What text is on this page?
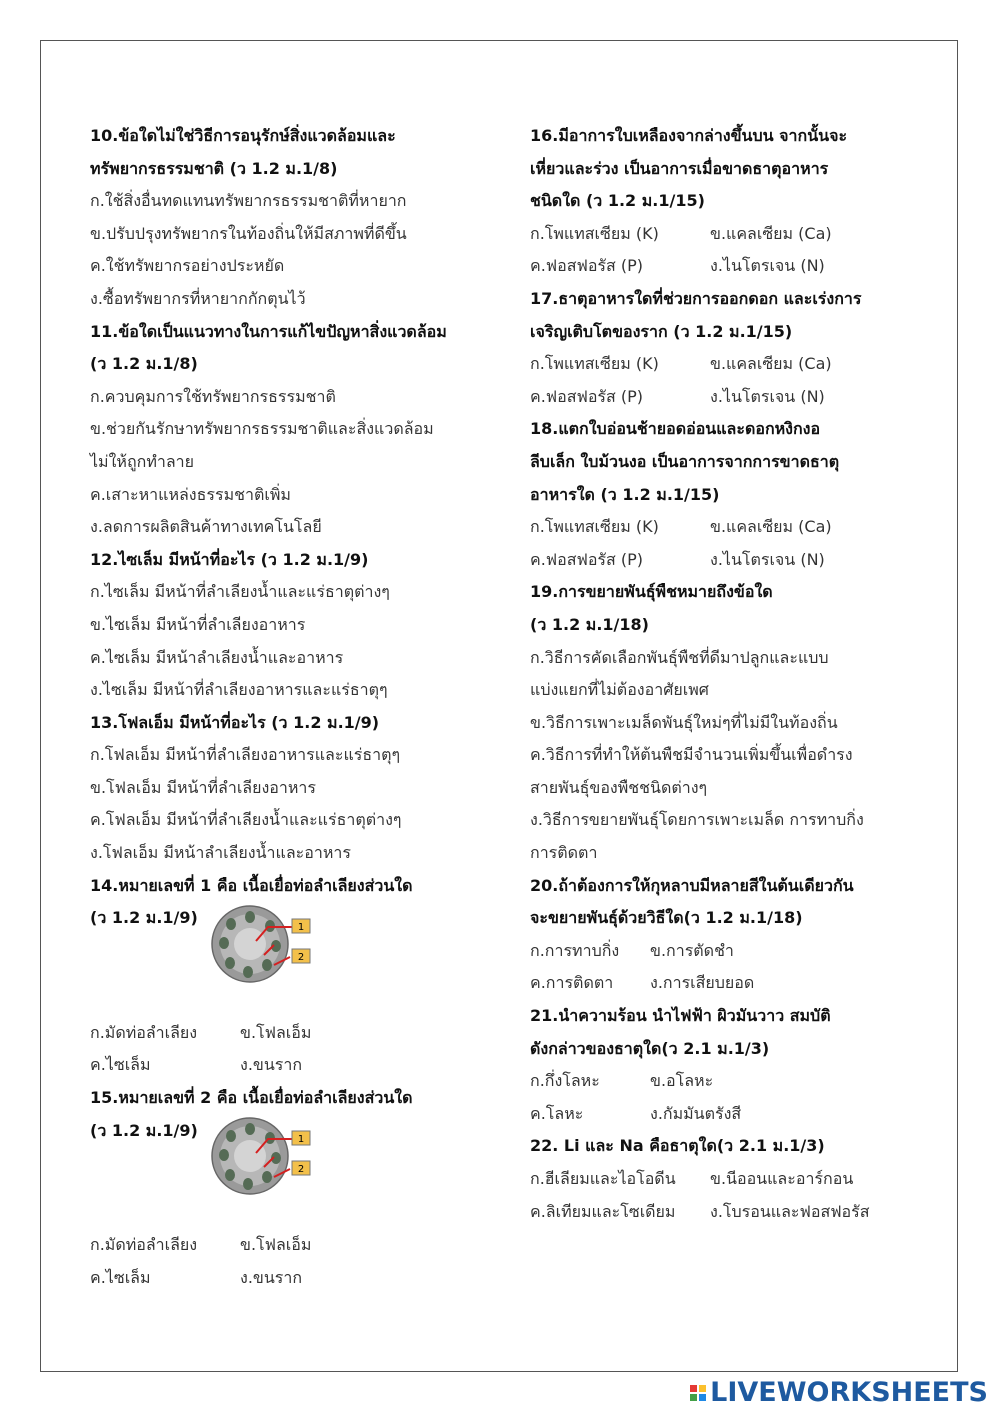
10.ข้อใดไม่ใช่วิธีการอนุรักษ์สิ่งแวดล้อมและ
ทรัพยากรธรรมชาติ (ว 1.2 ม.1/8)
ก.ใช้สิ่งอื่นทดแทนทรัพยากรธรรมชาติที่หายาก
ข.ปรับปรุงทรัพยากรในท้องถิ่นให้มีสภาพที่ดีขึ้น
ค.ใช้ทรัพยากรอย่างประหยัด
ง.ซื้อทรัพยากรที่หายากกักตุนไว้
11.ข้อใดเป็นแนวทางในการแก้ไขปัญหาสิ่งแวดล้อม
(ว 1.2 ม.1/8)
ก.ควบคุมการใช้ทรัพยากรธรรมชาติ
ข.ช่วยกันรักษาทรัพยากรธรรมชาติและสิ่งแวดล้อม
ไม่ให้ถูกทำลาย
ค.เสาะหาแหล่งธรรมชาติเพิ่ม
ง.ลดการผลิตสินค้าทางเทคโนโลยี
12.ไซเล็ม มีหน้าที่อะไร (ว 1.2 ม.1/9)
ก.ไซเล็ม มีหน้าที่ลำเลียงน้ำและแร่ธาตุต่างๆ
ข.ไซเล็ม มีหน้าที่ลำเลียงอาหาร
ค.ไซเล็ม มีหน้าลำเลียงน้ำและอาหาร
ง.ไซเล็ม มีหน้าที่ลำเลียงอาหารและแร่ธาตุๆ
13.โฟลเอ็ม มีหน้าที่อะไร (ว 1.2 ม.1/9)
ก.โฟลเอ็ม มีหน้าที่ลำเลียงอาหารและแร่ธาตุๆ
ข.โฟลเอ็ม มีหน้าที่ลำเลียงอาหาร
ค.โฟลเอ็ม มีหน้าที่ลำเลียงน้ำและแร่ธาตุต่างๆ
ง.โฟลเอ็ม มีหน้าลำเลียงน้ำและอาหาร
14.หมายเลขที่ 1 คือ เนื้อเยื่อท่อลำเลียงส่วนใด
(ว 1.2 ม.1/9)
1
2
ก.มัดท่อลำเลียง	ข.โฟลเอ็ม
ค.ไซเล็ม	ง.ขนราก
15.หมายเลขที่ 2 คือ เนื้อเยื่อท่อลำเลียงส่วนใด
(ว 1.2 ม.1/9)
1
2
ก.มัดท่อลำเลียง	ข.โฟลเอ็ม
ค.ไซเล็ม	ง.ขนราก
16.มีอาการใบเหลืองจากล่างขึ้นบน จากนั้นจะ
เหี่ยวและร่วง เป็นอาการเมื่อขาดธาตุอาหาร
ชนิดใด (ว 1.2 ม.1/15)
ก.โพแทสเซียม (K)	ข.แคลเซียม (Ca)
ค.ฟอสฟอรัส (P)	ง.ไนโตรเจน (N)
17.ธาตุอาหารใดที่ช่วยการออกดอก และเร่งการ
เจริญเติบโตของราก (ว 1.2 ม.1/15)
ก.โพแทสเซียม (K)	ข.แคลเซียม (Ca)
ค.ฟอสฟอรัส (P)	ง.ไนโตรเจน (N)
18.แตกใบอ่อนช้ายอดอ่อนและดอกหงิกงอ
ลีบเล็ก ใบม้วนงอ เป็นอาการจากการขาดธาตุ
อาหารใด (ว 1.2 ม.1/15)
ก.โพแทสเซียม (K)	ข.แคลเซียม (Ca)
ค.ฟอสฟอรัส (P)	ง.ไนโตรเจน (N)
19.การขยายพันธุ์พืชหมายถึงข้อใด
(ว 1.2 ม.1/18)
ก.วิธีการคัดเลือกพันธุ์พืชที่ดีมาปลูกและแบบ
แบ่งแยกที่ไม่ต้องอาศัยเพศ
ข.วิธีการเพาะเมล็ดพันธุ์ใหม่ๆที่ไม่มีในท้องถิ่น
ค.วิธีการที่ทำให้ต้นพืชมีจำนวนเพิ่มขึ้นเพื่อดำรง
สายพันธุ์ของพืชชนิดต่างๆ
ง.วิธีการขยายพันธุ์โดยการเพาะเมล็ด การทาบกิ่ง
การติดตา
20.ถ้าต้องการให้กุหลาบมีหลายสีในต้นเดียวกัน
จะขยายพันธุ์ด้วยวิธีใด(ว 1.2 ม.1/18)
ก.การทาบกิ่ง	ข.การตัดชำ
ค.การติดตา	ง.การเสียบยอด
21.นำความร้อน นำไฟฟ้า ผิวมันวาว สมบัติ
ดังกล่าวของธาตุใด(ว 2.1 ม.1/3)
ก.กึ่งโลหะ	ข.อโลหะ
ค.โลหะ	ง.กัมมันตรังสี
22. Li และ Na คือธาตุใด(ว 2.1 ม.1/3)
ก.ฮีเลียมและไอโอดีน	ข.นีออนและอาร์กอน
ค.ลิเทียมและโซเดียม	ง.โบรอนและฟอสฟอรัส
LIVEWORKSHEETS
